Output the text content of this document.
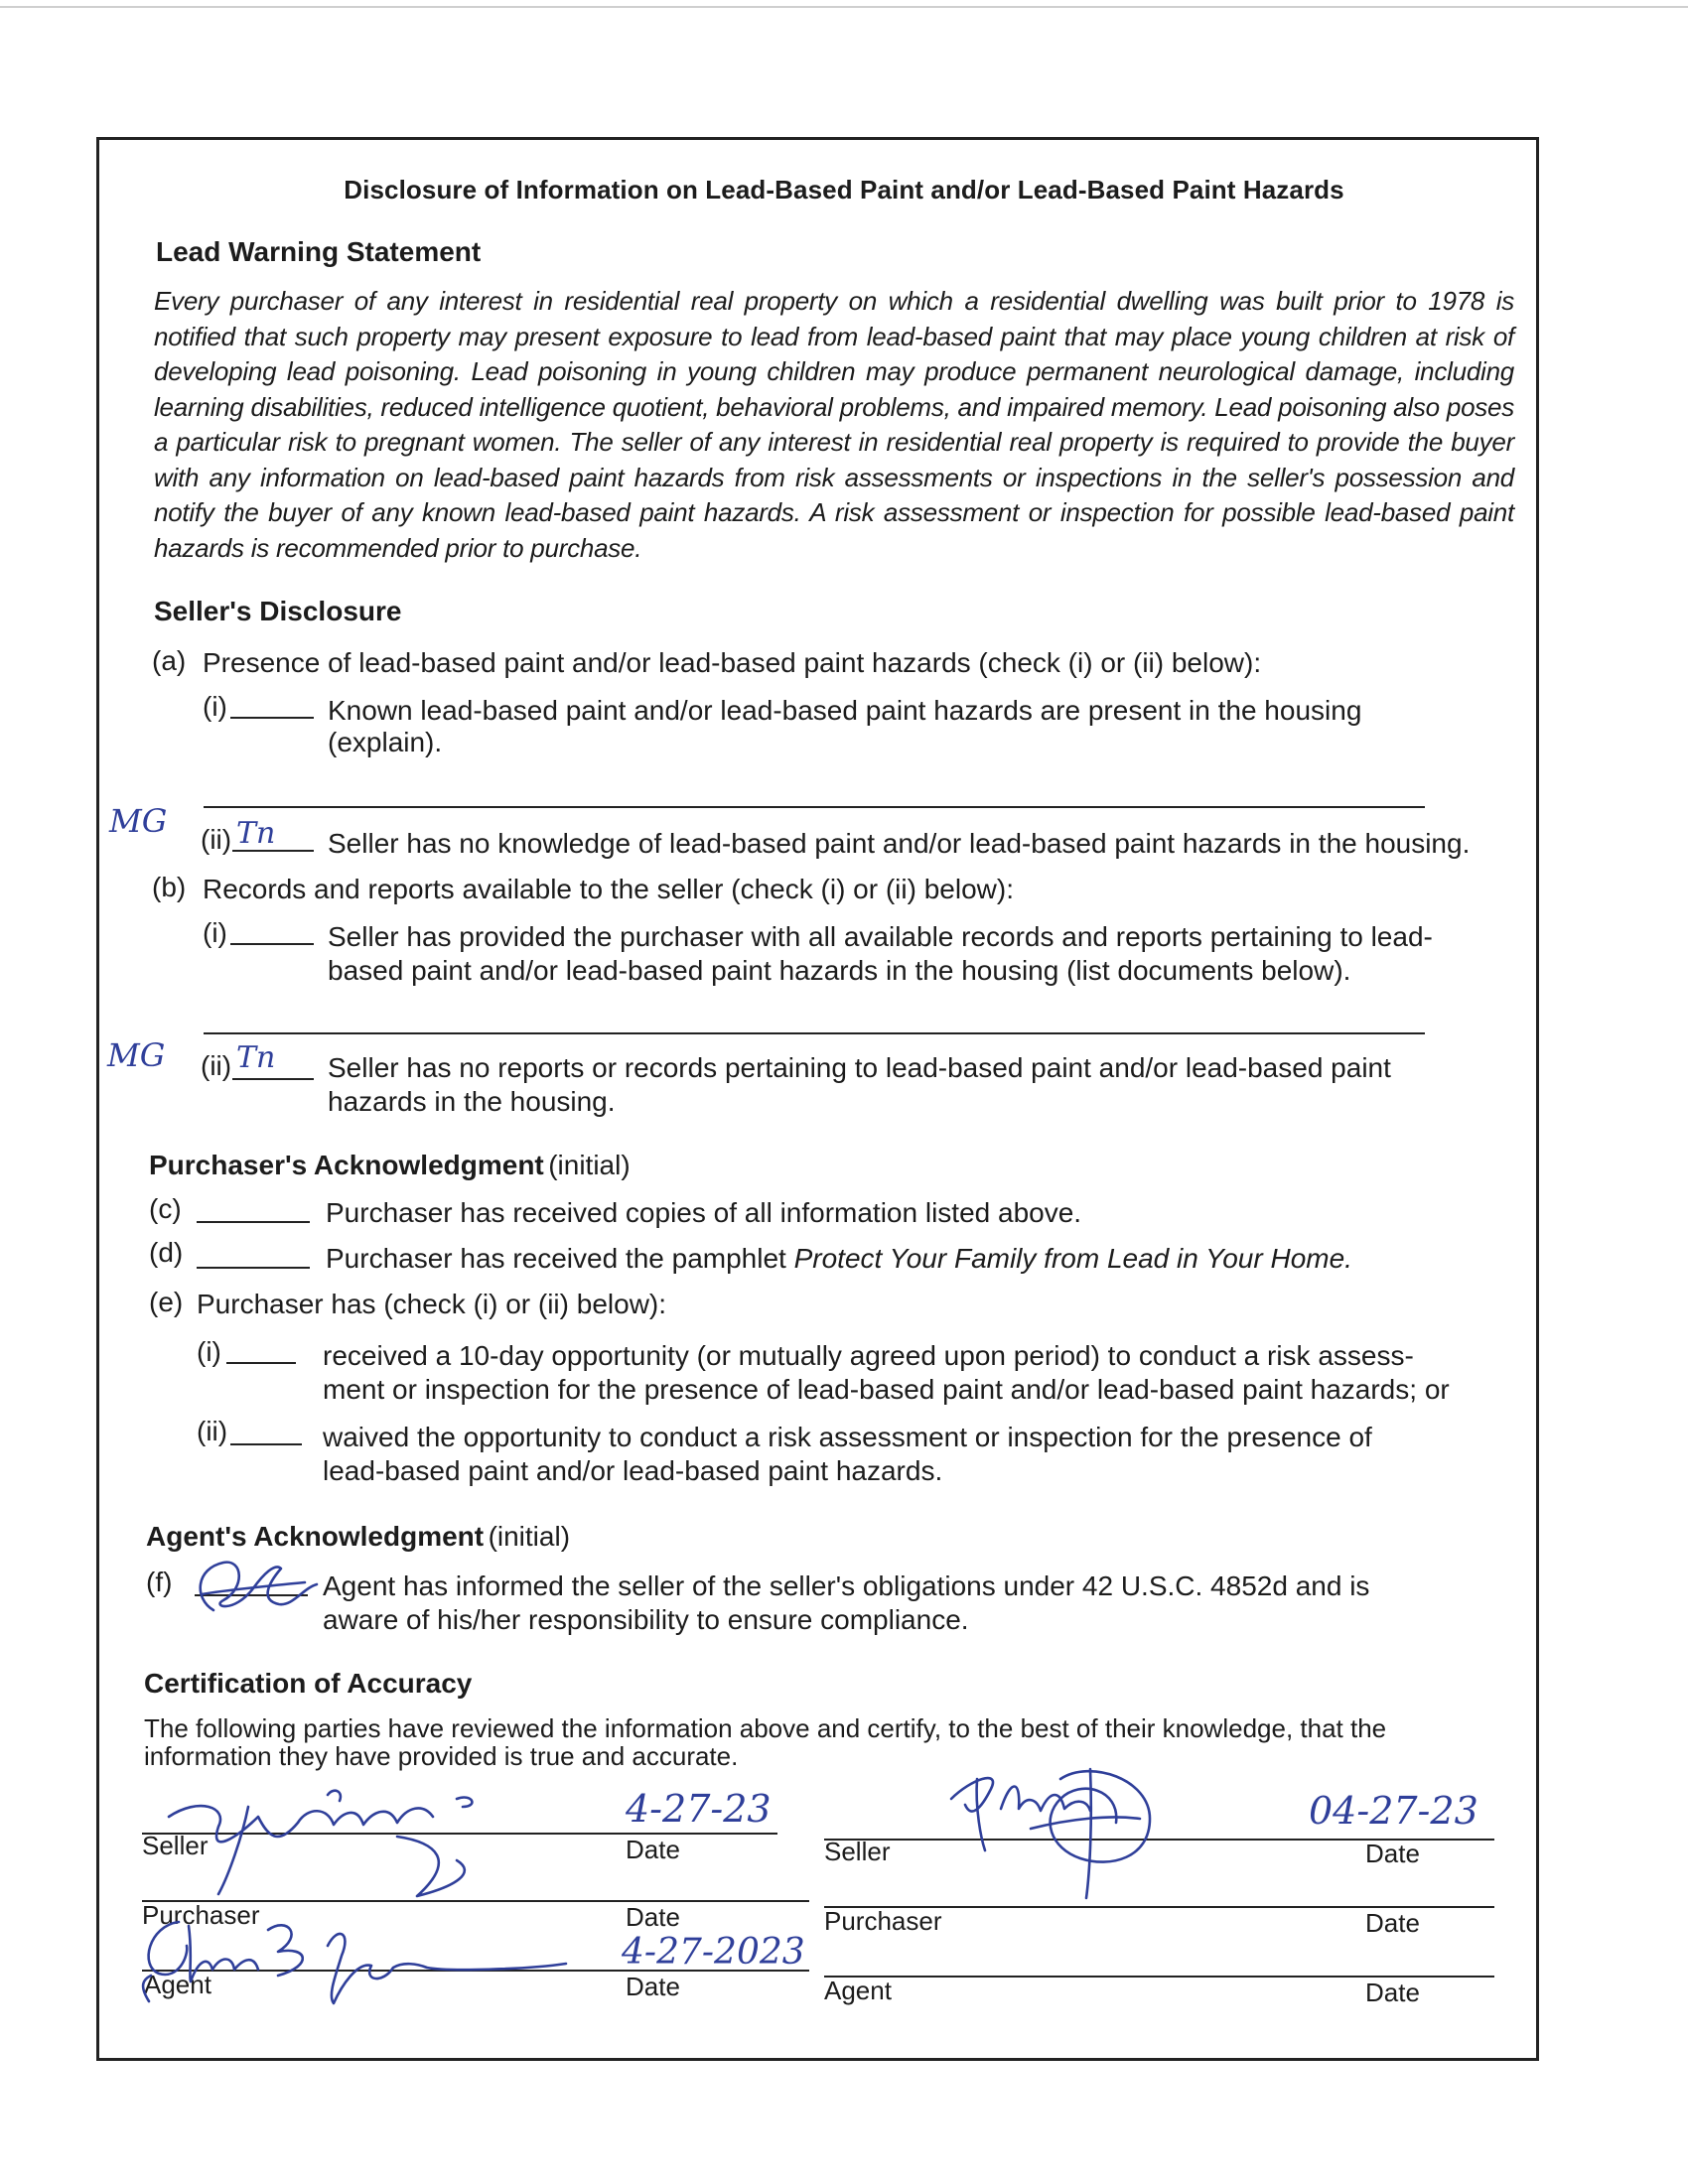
Disclosure of Information on Lead-Based Paint and/or Lead-Based Paint Hazards
Lead Warning Statement
Every purchaser of any interest in residential real property on which a residential dwelling was built prior to 1978 is notified that such property may present exposure to lead from lead-based paint that may place young children at risk of developing lead poisoning. Lead poisoning in young children may produce permanent neurological damage, including learning disabilities, reduced intelligence quotient, behavioral problems, and impaired memory. Lead poisoning also poses a particular risk to pregnant women. The seller of any interest in residential real property is required to provide the buyer with any information on lead-based paint hazards from risk assessments or inspections in the seller's possession and notify the buyer of any known lead-based paint hazards. A risk assessment or inspection for possible lead-based paint hazards is recommended prior to purchase.
Seller's Disclosure
(a) Presence of lead-based paint and/or lead-based paint hazards (check (i) or (ii) below):
(i)	Known lead-based paint and/or lead-based paint hazards are present in the housing
(explain).
MG (ii) Tn Seller has no knowledge of lead-based paint and/or lead-based paint hazards in the housing.
(b) Records and reports available to the seller (check (i) or (ii) below):
(i)	Seller has provided the purchaser with all available records and reports pertaining to lead-
based paint and/or lead-based paint hazards in the housing (list documents below).
MG (ii) Tn Seller has no reports or records pertaining to lead-based paint and/or lead-based paint
hazards in the housing.
Purchaser's Acknowledgment (initial)
(c)	Purchaser has received copies of all information listed above.
(d)	Purchaser has received the pamphlet Protect Your Family from Lead in Your Home.
(e) Purchaser has (check (i) or (ii) below):
(i)	received a 10-day opportunity (or mutually agreed upon period) to conduct a risk assess-
ment or inspection for the presence of lead-based paint and/or lead-based paint hazards; or
(ii)	waived the opportunity to conduct a risk assessment or inspection for the presence of
lead-based paint and/or lead-based paint hazards.
Agent's Acknowledgment (initial)
(f)	Agent has informed the seller of the seller's obligations under 42 U.S.C. 4852d and is
aware of his/her responsibility to ensure compliance.
Certification of Accuracy
The following parties have reviewed the information above and certify, to the best of their knowledge, that the
information they have provided is true and accurate.
Seller	Date	Seller	Date
4-27-23	04-27-23
Purchaser	Date	Purchaser	Date
Agent	Date	Agent	Date
4-27-2023
